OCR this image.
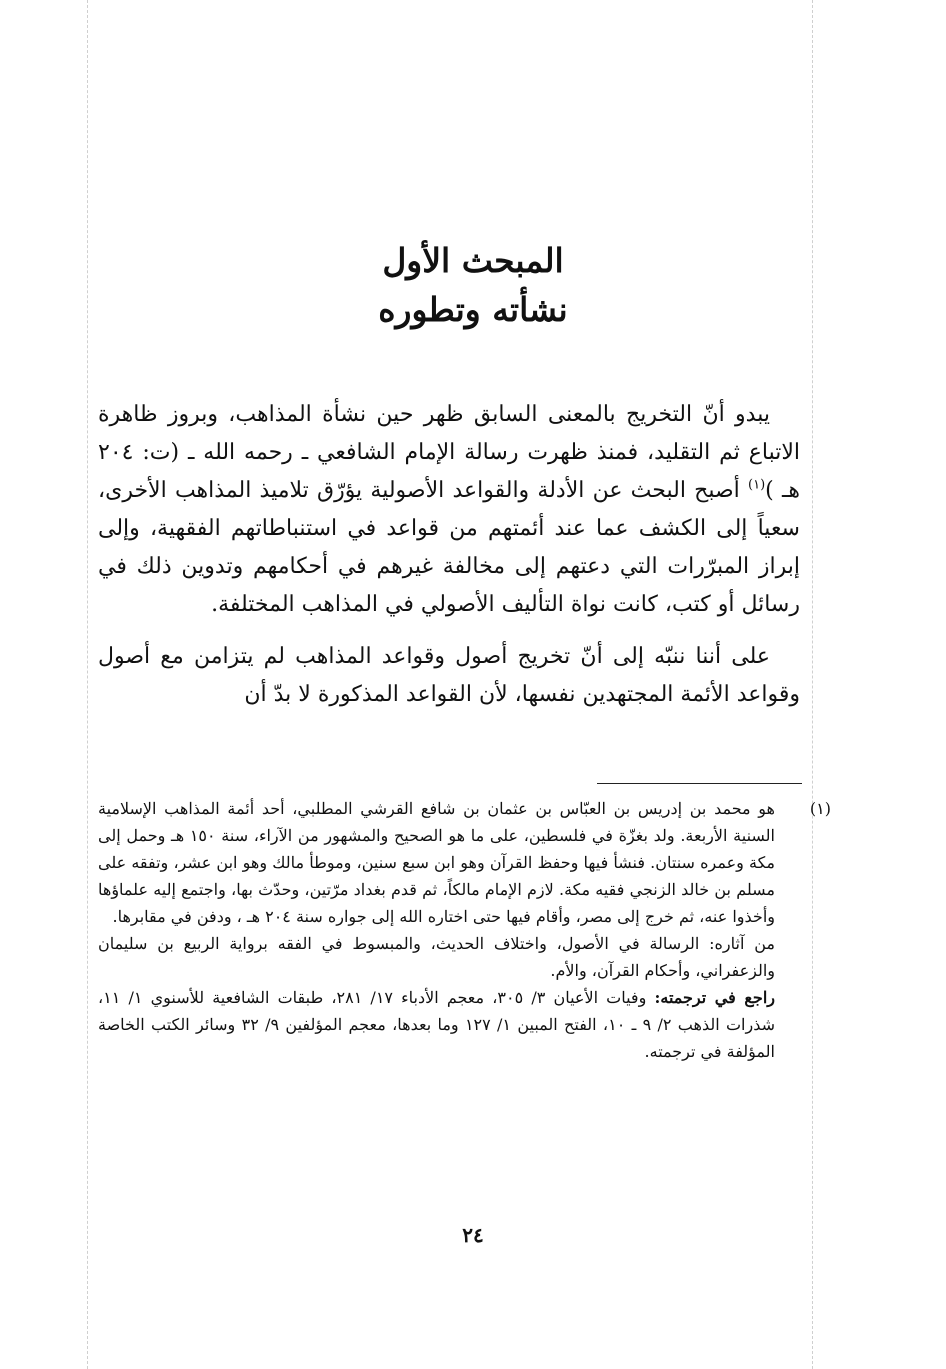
المبحث الأول
نشأته وتطوره

يبدو أنّ التخريج بالمعنى السابق ظهر حين نشأة المذاهب، وبروز ظاهرة الاتباع ثم التقليد، فمنذ ظهرت رسالة الإمام الشافعي ـ رحمه الله ـ (ت: ٢٠٤ هـ )$^{(١)}$ أصبح البحث عن الأدلة والقواعد الأصولية يؤرّق تلاميذ المذاهب الأخرى، سعياً إلى الكشف عما عند أئمتهم من قواعد في استنباطاتهم الفقهية، وإلى إبراز المبرّرات التي دعتهم إلى مخالفة غيرهم في أحكامهم وتدوين ذلك في رسائل أو كتب، كانت نواة التأليف الأصولي في المذاهب المختلفة.

على أننا ننبّه إلى أنّ تخريج أصول وقواعد المذاهب لم يتزامن مع أصول وقواعد الأئمة المجتهدين نفسها، لأن القواعد المذكورة لا بدّ أن

(١)هو محمد بن إدريس بن العبّاس بن عثمان بن شافع القرشي المطلبي، أحد أئمة المذاهب الإسلامية السنية الأربعة. ولد بغزّة في فلسطين، على ما هو الصحيح والمشهور من الآراء، سنة ١٥٠ هـ وحمل إلى مكة وعمره سنتان. فنشأ فيها وحفظ القرآن وهو ابن سبع سنين، وموطأ مالك وهو ابن عشر، وتفقه على مسلم بن خالد الزنجي فقيه مكة. لازم الإمام مالكاً، ثم قدم بغداد مرّتين، وحدّث بها، واجتمع إليه علماؤها وأخذوا عنه، ثم خرج إلى مصر، وأقام فيها حتى اختاره الله إلى جواره سنة ٢٠٤ هـ ، ودفن في مقابرها.

من آثاره: الرسالة في الأصول، واختلاف الحديث، والمبسوط في الفقه برواية الربيع بن سليمان والزعفراني، وأحكام القرآن، والأم.

راجع في ترجمته: وفيات الأعيان ٣/ ٣٠٥، معجم الأدباء ١٧/ ٢٨١، طبقات الشافعية للأسنوي ١/ ١١، شذرات الذهب ٢/ ٩ ـ ١٠، الفتح المبين ١/ ١٢٧ وما بعدها، معجم المؤلفين ٩/ ٣٢ وسائر الكتب الخاصة المؤلفة في ترجمته.

٢٤
